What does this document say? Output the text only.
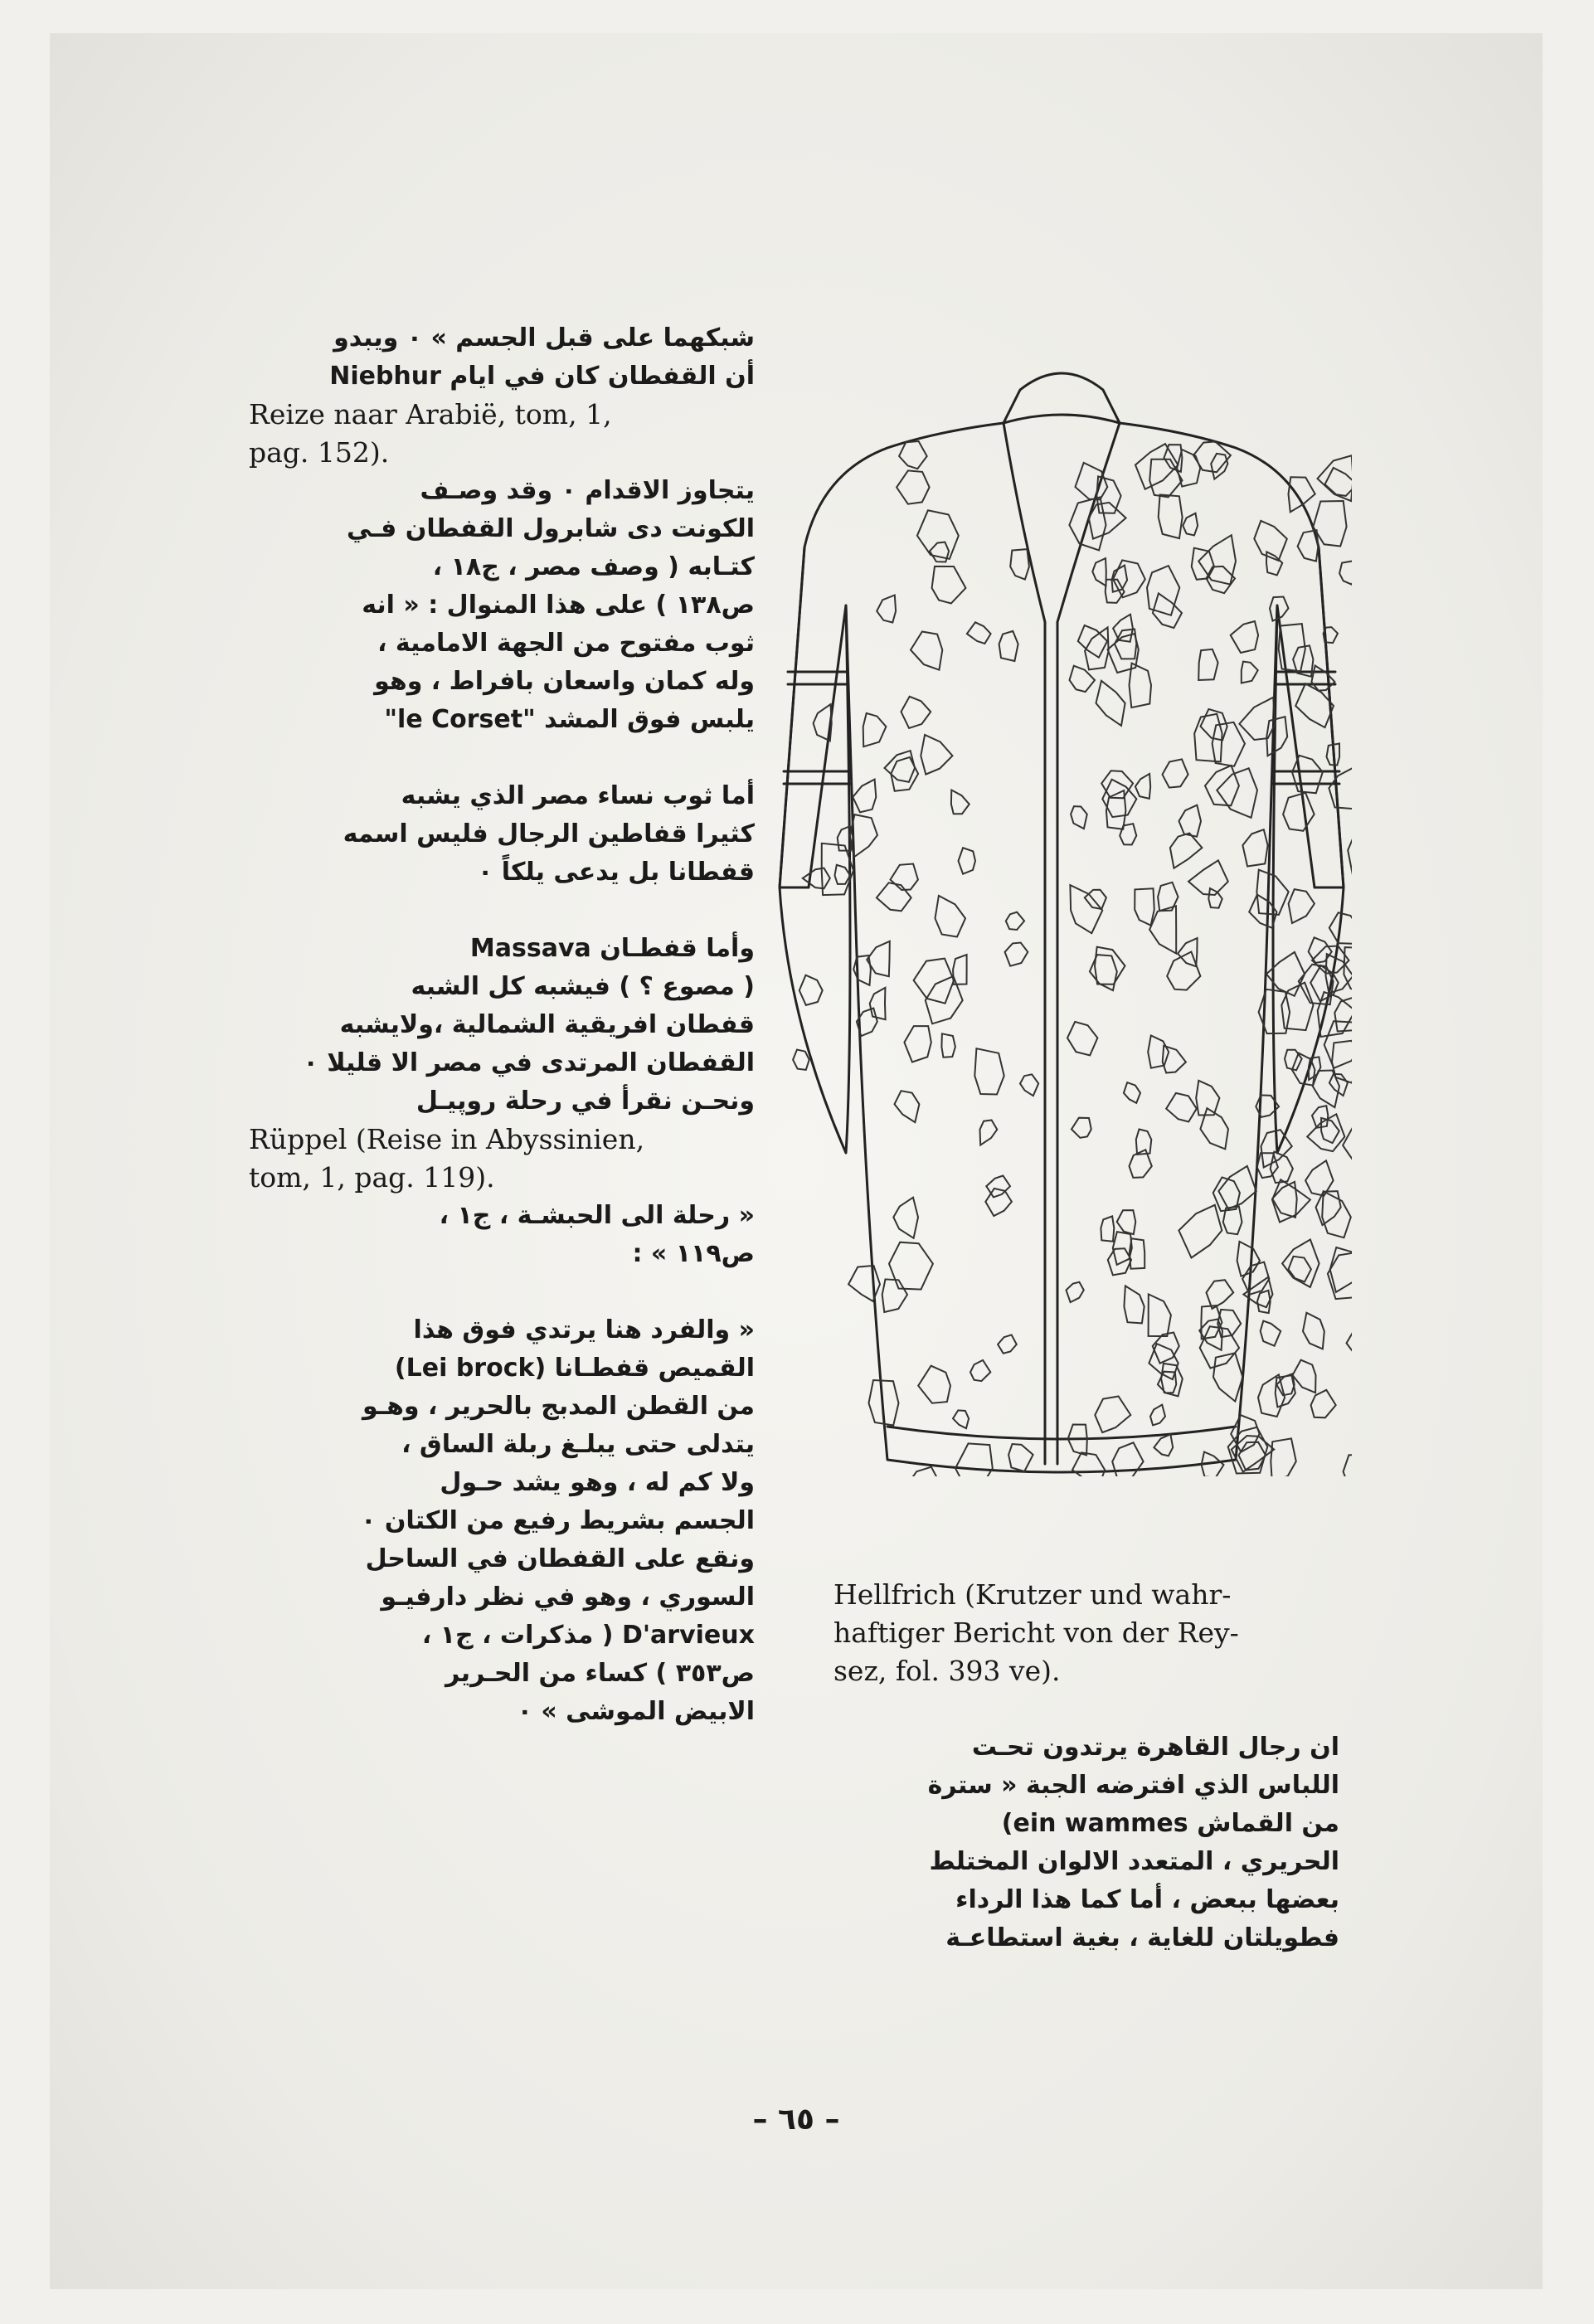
شبكهما على قبل الجسم » ٠ ويبدو
أن القفطان كان في ايام Niebhur
Reize naar Arabië, tom, 1,
pag. 152).
يتجاوز الاقدام ٠ وقد وصـف
الكونت دى شابرول القفطان فـي
كتـابه ( وصف مصر ، ج١٨ ،
ص١٣٨ ) على هذا المنوال : « انه
ثوب مفتوح من الجهة الامامية ،
وله كمان واسعان بافراط ، وهو
يلبس فوق المشد "le Corset"
أما ثوب نساء مصر الذي يشبه
كثيرا قفاطين الرجال فليس اسمه
قفطانا بل يدعى يلكاً ٠
وأما قفطـان Massava
( مصوع ؟ ) فيشبه كل الشبه
قفطان افريقية الشمالية ،ولايشبه
القفطان المرتدى في مصر الا قليلا ٠
ونحـن نقرأ في رحلة روپيـل
Rüppel (Reise in Abyssinien,
tom, 1, pag. 119).
« رحلة الى الحبشـة ، ج١ ،
ص١١٩ » :
« والفرد هنا يرتدي فوق هذا
القميص قفطـانا (Lei brock)
من القطن المدبج بالحرير ، وهـو
يتدلى حتى يبلـغ ربلة الساق ،
ولا كم له ، وهو يشد حـول
الجسم بشريط رفيع من الكتان ٠
ونقع على القفطان في الساحل
السوري ، وهو في نظر دارفيـو
D'arvieux ( مذكرات ، ج١ ،
ص٣٥٣ ) كساء من الحـرير
الابيض الموشى » ٠
Hellfrich (Krutzer und wahr-
haftiger Bericht von der Rey-
sez, fol. 393 ve).
ان رجال القاهرة يرتدون تحـت
اللباس الذي افترضه الجبة « سترة
من القماش ein wammes)
الحريري ، المتعدد الالوان المختلط
بعضها ببعض ، أما كما هذا الرداء
فطويلتان للغاية ، بغية استطاعـة
– ٦٥ –
